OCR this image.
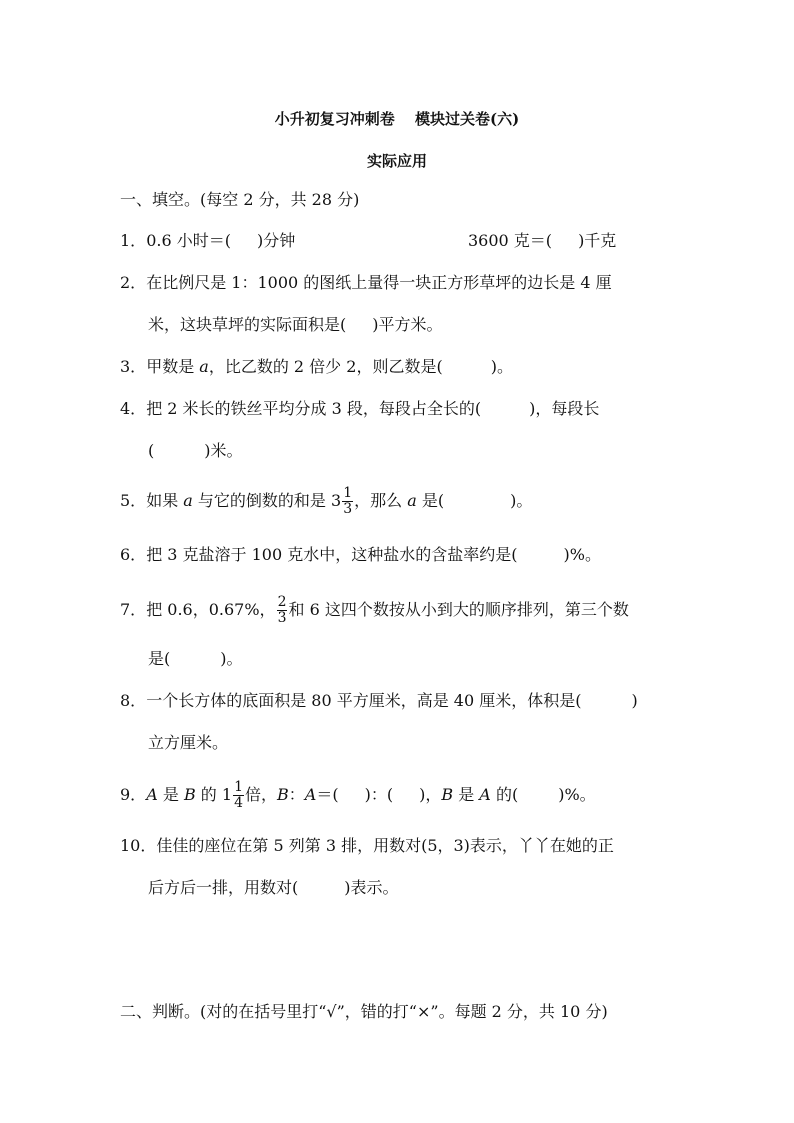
小升初复习冲刺卷　 模块过关卷(六)
实际应用
一、填空。(每空 2 分，共 28 分)
1．0.6 小时＝( )分钟	3600 克＝( )千克
2．在比例尺是 1：1000 的图纸上量得一块正方形草坪的边长是 4 厘
米，这块草坪的实际面积是( )平方米。
3．甲数是 a，比乙数的 2 倍少 2，则乙数是(	)。
4．把 2 米长的铁丝平均分成 3 段，每段占全长的(	)，每段长
(	)米。
5．如果 a 与它的倒数的和是 $3 \frac{1}{3}$ ，那么 a 是(	)。
6．把 3 克盐溶于 100 克水中，这种盐水的含盐率约是(	)%。
7．把 0.6，0.67%， $\frac{2}{3}$ 和 6 这四个数按从小到大的顺序排列，第三个数
是(	)。
8．一个长方体的底面积是 80 平方厘米，高是 40 厘米，体积是(	)
立方厘米。
9．A 是 B 的 $1 \frac{1}{4}$ 倍，B：A＝( )：( )，B 是 A 的(	)%。
10．佳佳的座位在第 5 列第 3 排，用数对(5，3)表示，丫丫在她的正
后方后一排，用数对(	)表示。
二、判断。(对的在括号里打“√”，错的打“×”。每题 2 分，共 10 分)
